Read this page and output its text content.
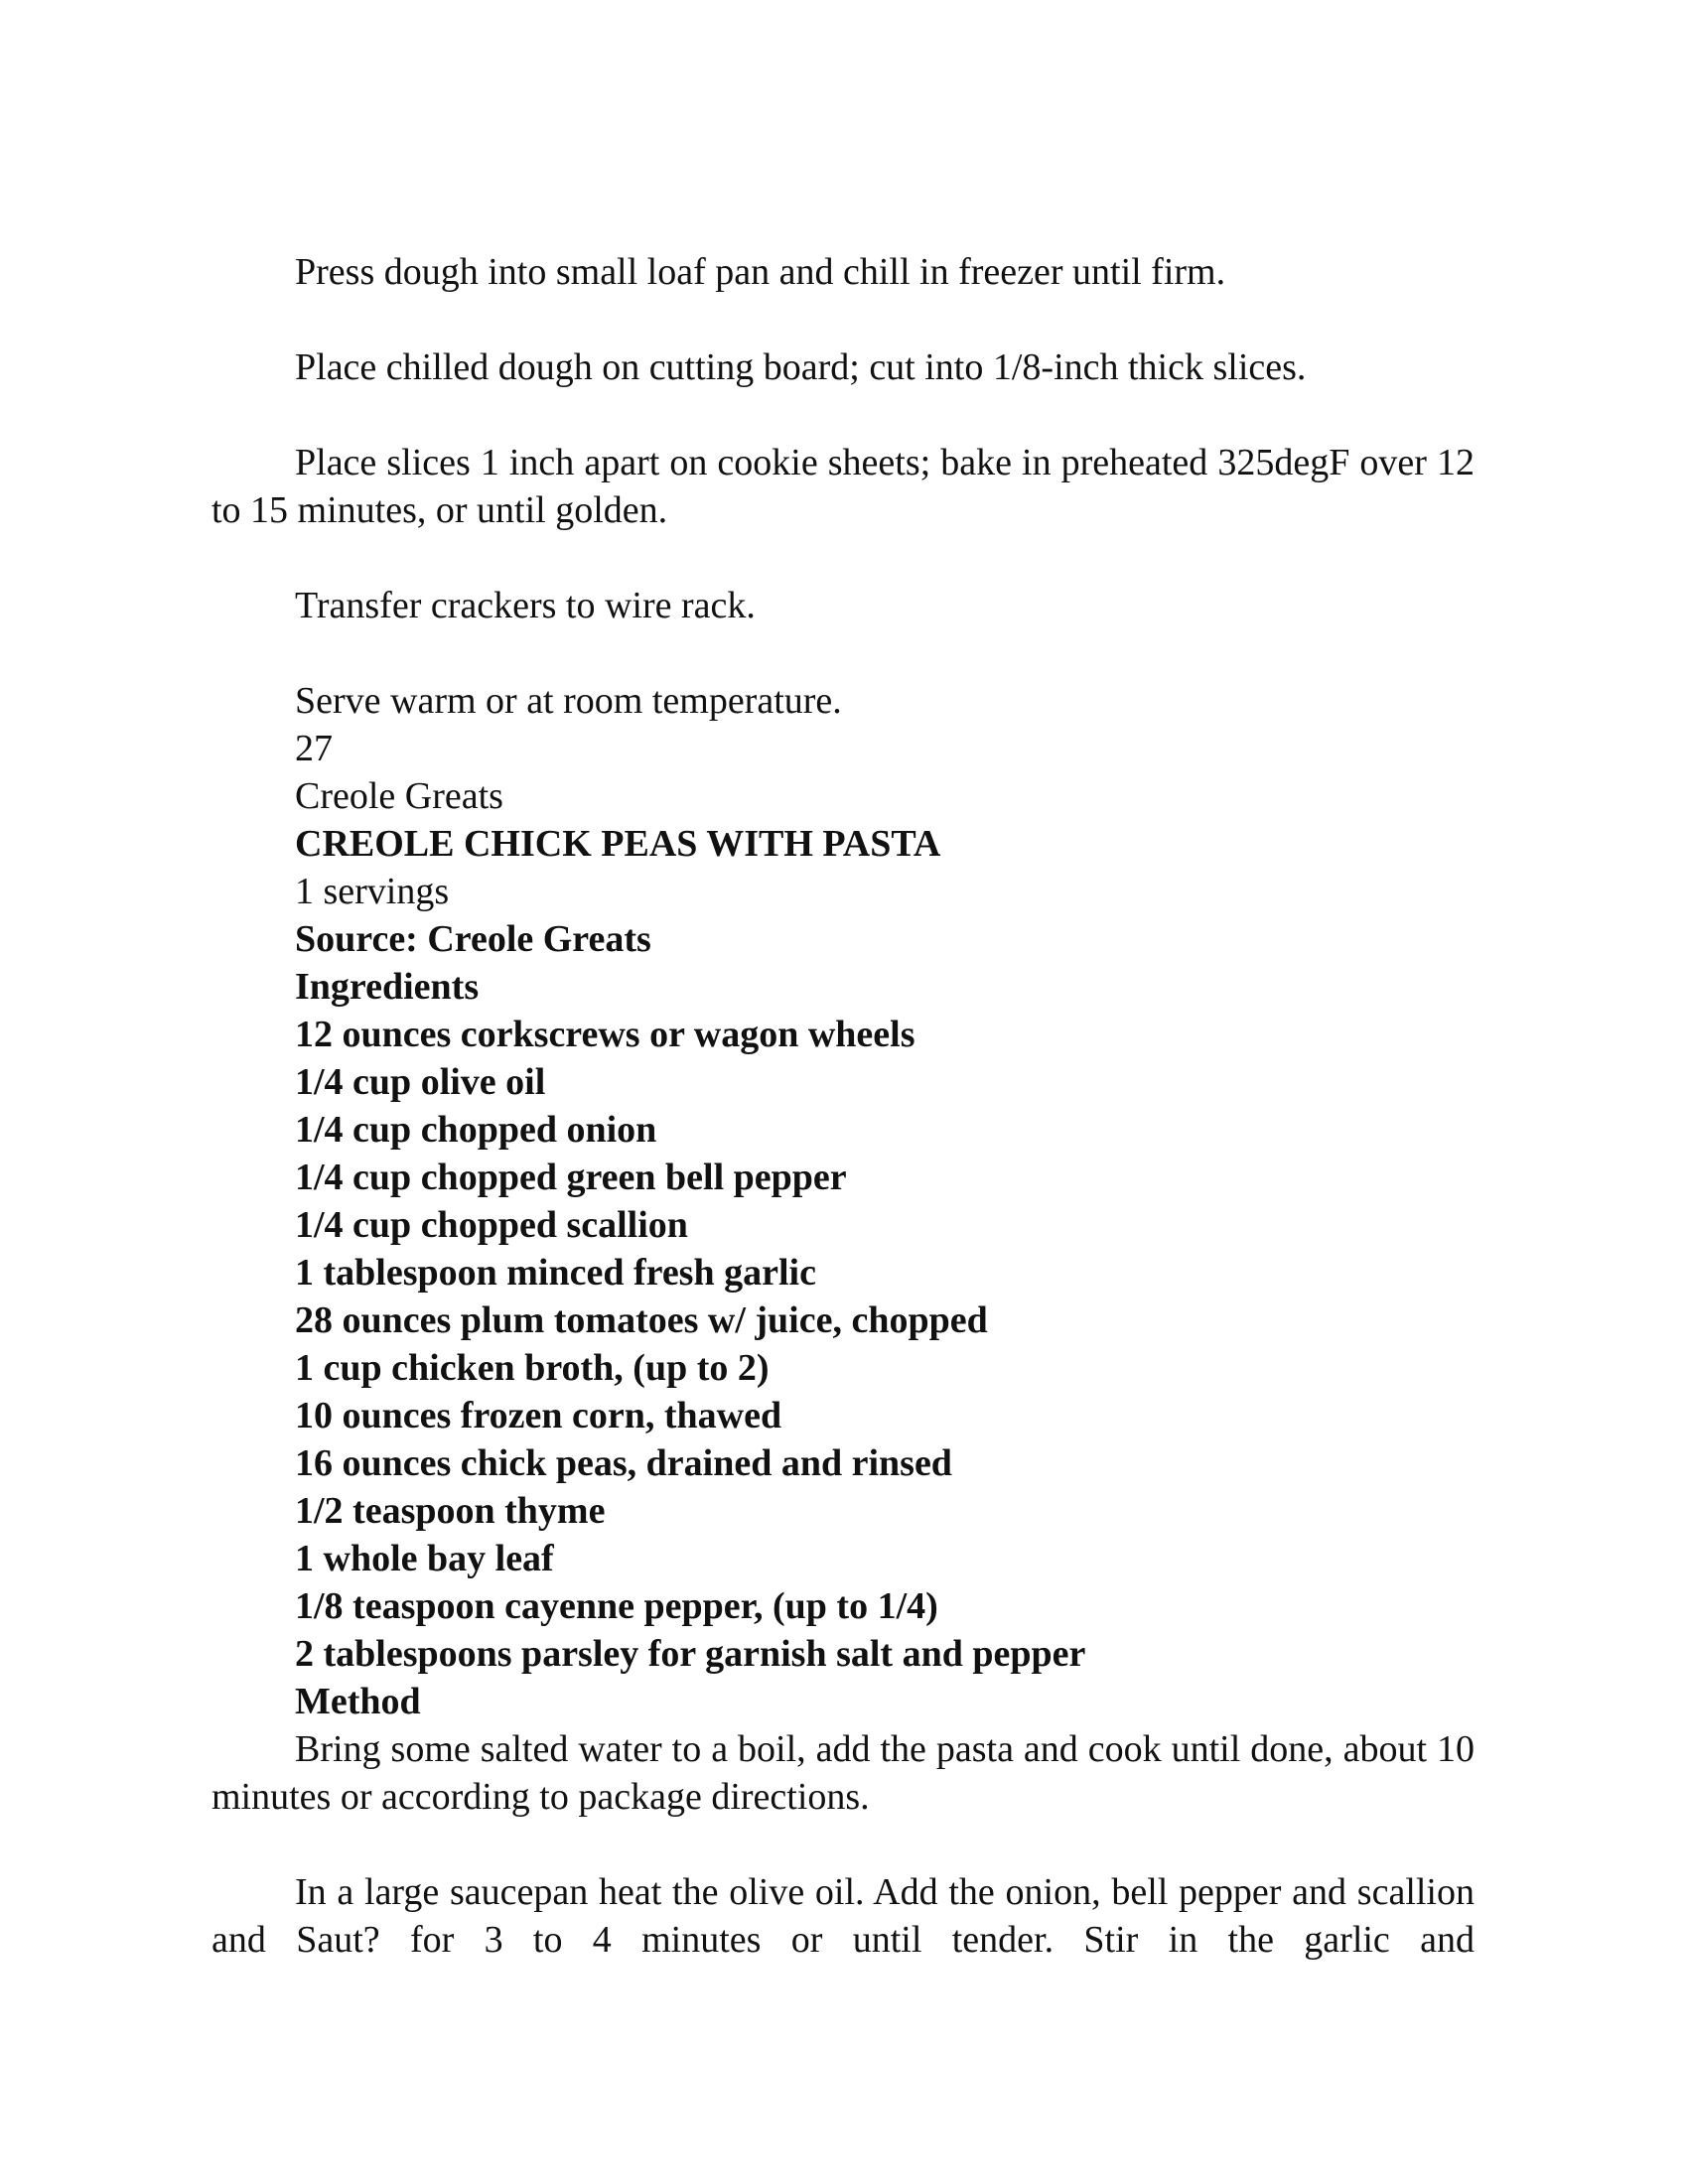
Press dough into small loaf pan and chill in freezer until firm.

Place chilled dough on cutting board; cut into 1/8-inch thick slices.

Place slices 1 inch apart on cookie sheets; bake in preheated 325degF over 12 to 15 minutes, or until golden.

Transfer crackers to wire rack.

Serve warm or at room temperature.

27

Creole Greats

CREOLE CHICK PEAS WITH PASTA

1 servings

Source: Creole Greats

Ingredients

12 ounces corkscrews or wagon wheels
1/4 cup olive oil
1/4 cup chopped onion
1/4 cup chopped green bell pepper
1/4 cup chopped scallion
1 tablespoon minced fresh garlic
28 ounces plum tomatoes w/ juice, chopped
1 cup chicken broth, (up to 2)
10 ounces frozen corn, thawed
16 ounces chick peas, drained and rinsed
1/2 teaspoon thyme
1 whole bay leaf
1/8 teaspoon cayenne pepper, (up to 1/4)
2 tablespoons parsley for garnish salt and pepper

Method

Bring some salted water to a boil, add the pasta and cook until done, about 10 minutes or according to package directions.

In a large saucepan heat the olive oil. Add the onion, bell pepper and scallion and Saut? for 3 to 4 minutes or until tender. Stir in the garlic and
